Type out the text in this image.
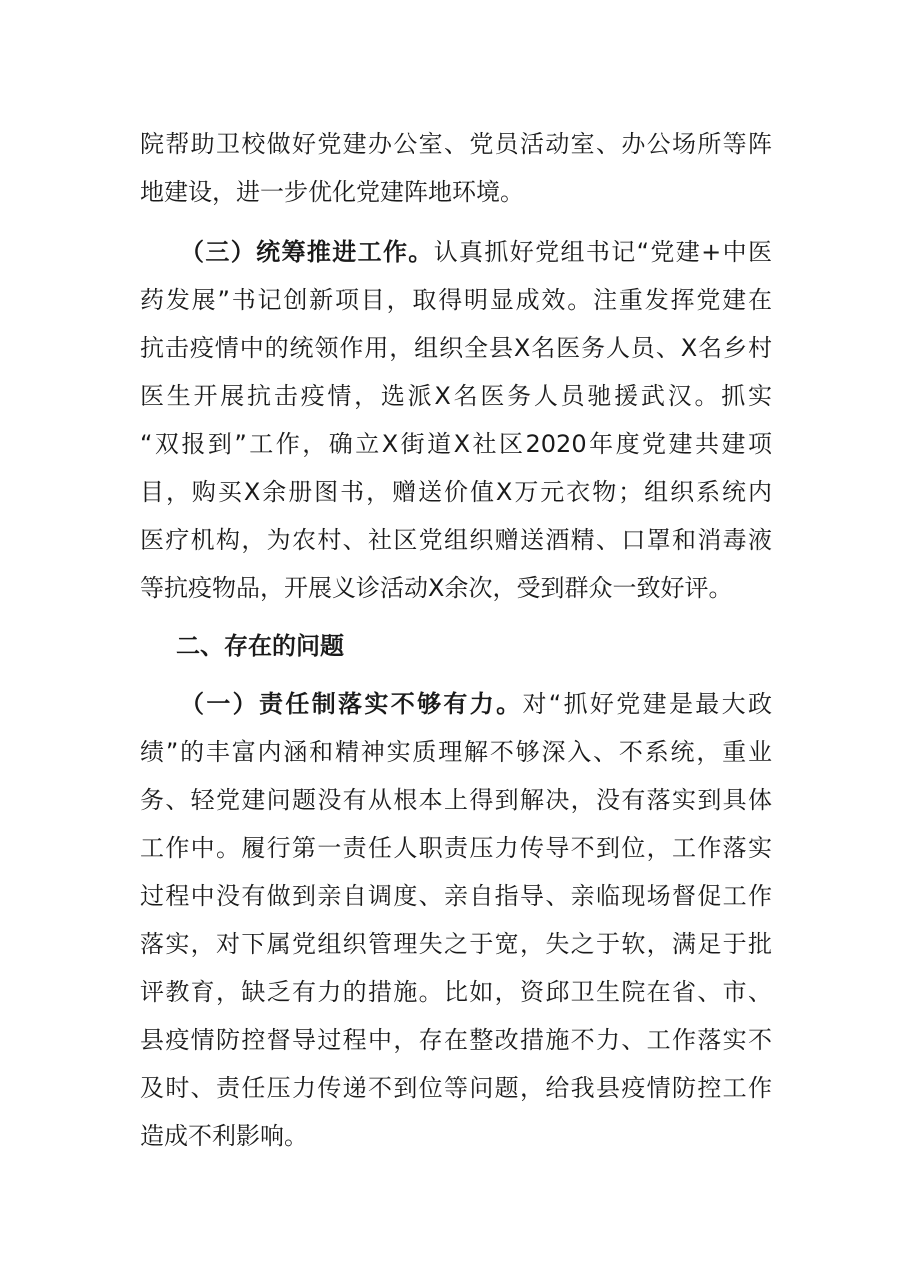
院帮助卫校做好党建办公室、党员活动室、办公场所等阵
地建设，进一步优化党建阵地环境。
（三）统筹推进工作。认真抓好党组书记“党建+中医
药发展”书记创新项目，取得明显成效。注重发挥党建在
抗击疫情中的统领作用，组织全县X名医务人员、X名乡村
医生开展抗击疫情，选派X名医务人员驰援武汉。抓实
“双报到”工作，确立X街道X社区2020年度党建共建项
目，购买X余册图书，赠送价值X万元衣物；组织系统内
医疗机构，为农村、社区党组织赠送酒精、口罩和消毒液
等抗疫物品，开展义诊活动X余次，受到群众一致好评。
二、存在的问题
（一）责任制落实不够有力。对“抓好党建是最大政
绩”的丰富内涵和精神实质理解不够深入、不系统，重业
务、轻党建问题没有从根本上得到解决，没有落实到具体
工作中。履行第一责任人职责压力传导不到位，工作落实
过程中没有做到亲自调度、亲自指导、亲临现场督促工作
落实，对下属党组织管理失之于宽，失之于软，满足于批
评教育，缺乏有力的措施。比如，资邱卫生院在省、市、
县疫情防控督导过程中，存在整改措施不力、工作落实不
及时、责任压力传递不到位等问题，给我县疫情防控工作
造成不利影响。
